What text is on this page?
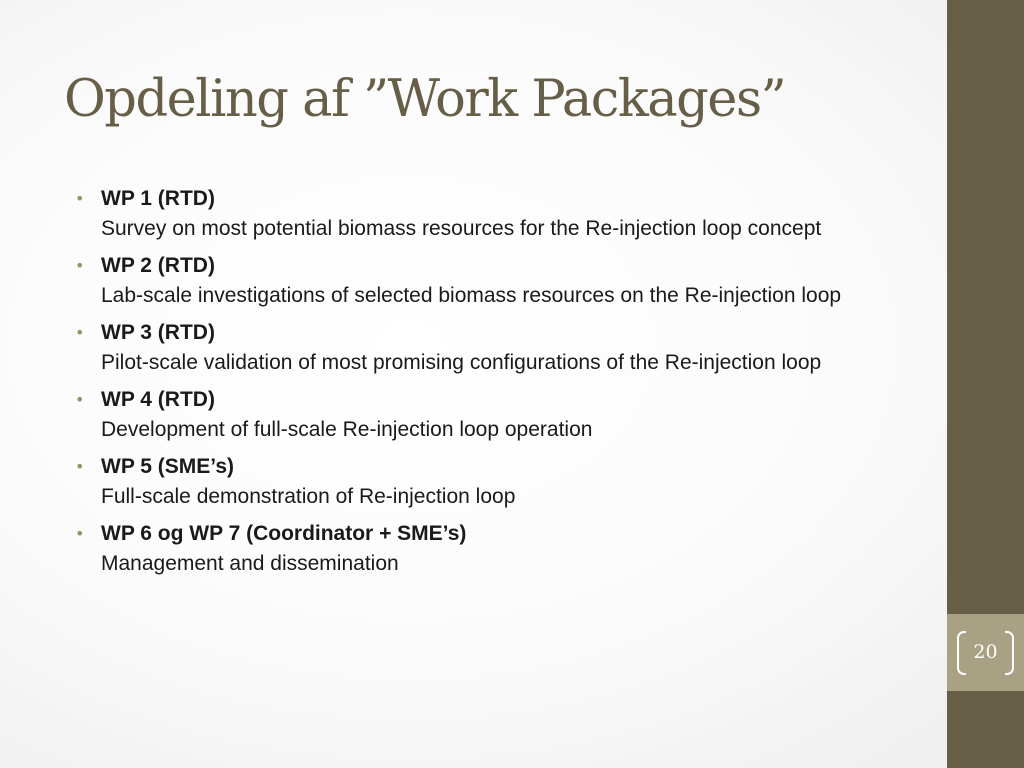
Opdeling af ”Work Packages”
• WP 1 (RTD)
Survey on most potential biomass resources for the Re-injection loop concept
• WP 2 (RTD)
Lab-scale investigations of selected biomass resources on the Re-injection loop
• WP 3 (RTD)
Pilot-scale validation of most promising configurations of the Re-injection loop
• WP 4 (RTD)
Development of full-scale Re-injection loop operation
• WP 5 (SME’s)
Full-scale demonstration of Re-injection loop
• WP 6 og WP 7 (Coordinator + SME’s)
Management and dissemination
20
